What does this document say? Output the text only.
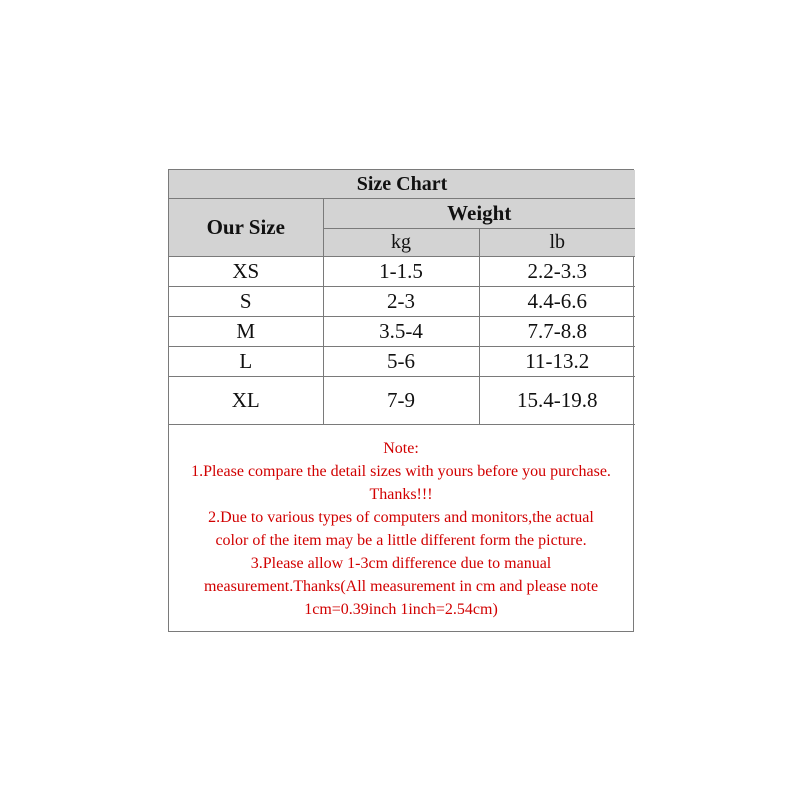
Size Chart		
Our Size	Weight	
	kg	lb
XS	1-1.5	2.2-3.3
S	2-3	4.4-6.6
M	3.5-4	7.7-8.8
L	5-6	11-13.2
XL	7-9	15.4-19.8
Note:
1.Please compare the detail sizes with yours before you purchase.
Thanks!!!
2.Due to various types of computers and monitors,the actual
color of the item may be a little different form the picture.
3.Please allow 1-3cm difference due to manual
measurement.Thanks(All measurement in cm and please note
1cm=0.39inch 1inch=2.54cm)
